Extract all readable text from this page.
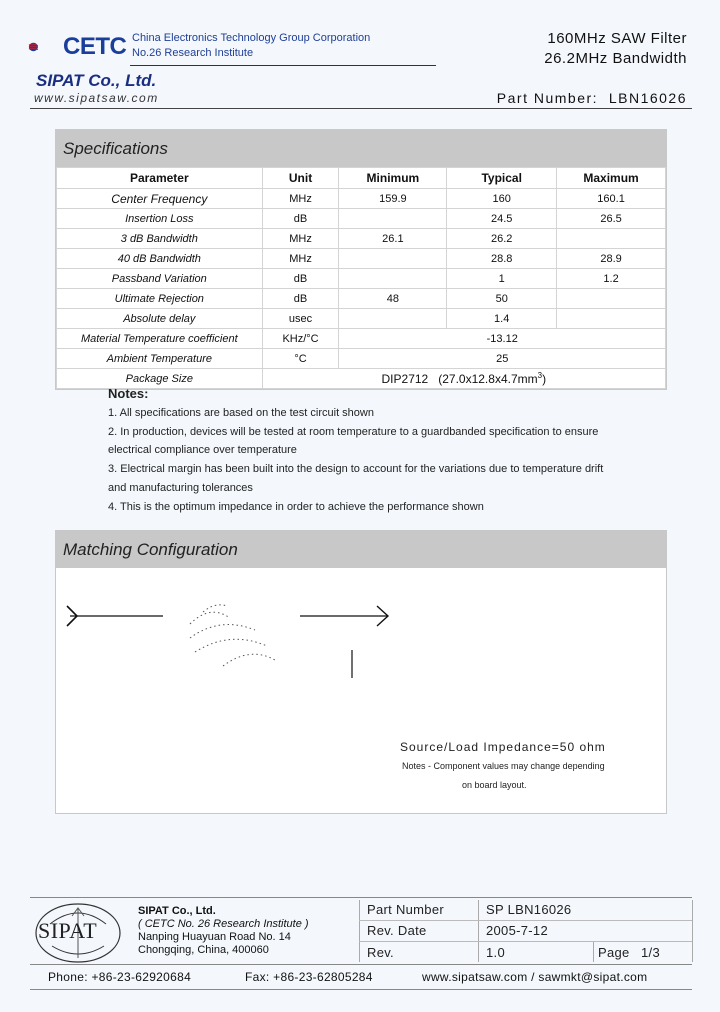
CETC China Electronics Technology Group Corporation
No.26 Research Institute
SIPAT Co., Ltd.
www.sipatsaw.com
160MHz SAW Filter
26.2MHz Bandwidth
Part Number: LBN16026
Specifications
Parameter	Unit	Minimum	Typical	Maximum
Center Frequency	MHz	159.9	160	160.1
Insertion Loss	dB		24.5	26.5
3 dB Bandwidth	MHz	26.1	26.2	
40 dB Bandwidth	MHz		28.8	28.9
Passband Variation	dB		1	1.2
Ultimate Rejection	dB	48	50	
Absolute delay	usec		1.4	
Material Temperature coefficient	KHz/°C	-13.12		
Ambient Temperature	°C	25		
Package Size	DIP2712 $(27.0x12.8x4.7mm^3)$			
Notes:
1. All specifications are based on the test circuit shown
2. In production, devices will be tested at room temperature to a guardbanded specification to ensure
electrical compliance over temperature
3. Electrical margin has been built into the design to account for the variations due to temperature drift
and manufacturing tolerances
4. This is the optimum impedance in order to achieve the performance shown
Matching Configuration
Source/Load Impedance=50 ohm
Notes - Component values may change depending
on board layout.
SIPAT
SIPAT Co., Ltd.
( CETC No. 26 Research Institute )
Nanping Huayuan Road No. 14
Chongqing, China, 400060
Part Number	SP LBN16026
Rev. Date	2005-7-12
Rev.	1.0	Page 1/3
Phone: +86-23-62920684	Fax: +86-23-62805284	www.sipatsaw.com / sawmkt@sipat.com
